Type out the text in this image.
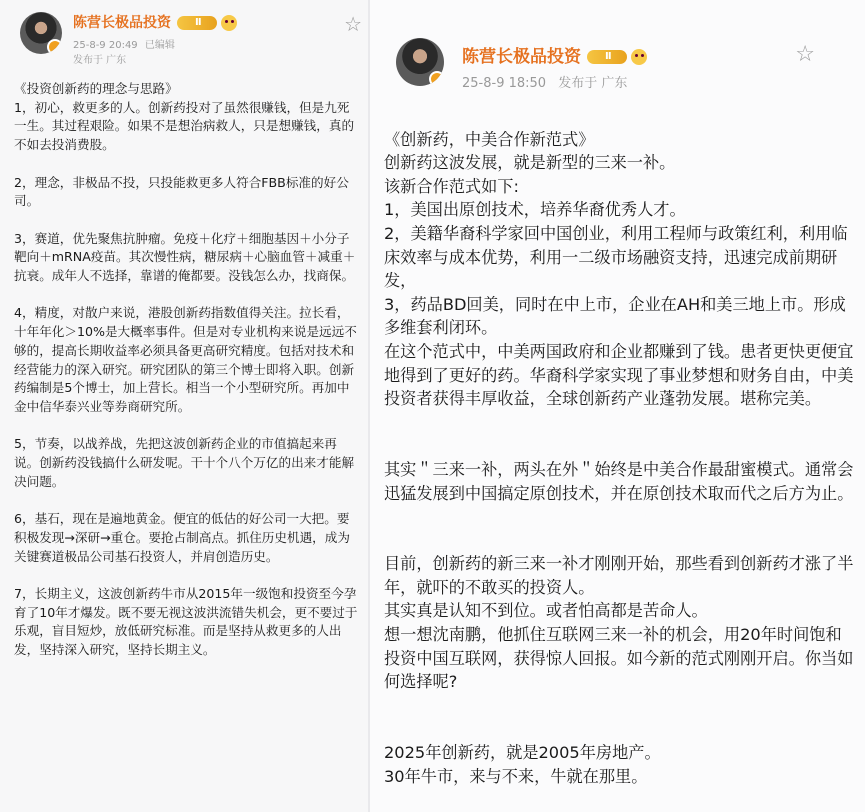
陈营长极品投资Ⅱ
25-8-9 20:49 已编辑
发布于 广东
☆

《投资创新药的理念与思路》

1，初心，救更多的人。创新药投对了虽然很赚钱，但是九死一生。其过程艰险。如果不是想治病救人，只是想赚钱，真的不如去投消费股。

2，理念，非极品不投，只投能救更多人符合FBB标准的好公司。

3，赛道，优先聚焦抗肿瘤。免疫＋化疗＋细胞基因＋小分子靶向＋mRNA疫苗。其次慢性病，糖尿病＋心脑血管＋减重＋抗衰。成年人不选择，靠谱的俺都要。没钱怎么办，找商保。

4，精度，对散户来说，港股创新药指数值得关注。拉长看，十年年化＞10%是大概率事件。但是对专业机构来说是远远不够的，提高长期收益率必须具备更高研究精度。包括对技术和经营能力的深入研究。研究团队的第三个博士即将入职。创新药编制是5个博士，加上营长。相当一个小型研究所。再加中金中信华泰兴业等券商研究所。

5，节奏，以战养战，先把这波创新药企业的市值搞起来再说。创新药没钱搞什么研发呢。干十个八个万亿的出来才能解决问题。

6，基石，现在是遍地黄金。便宜的低估的好公司一大把。要积极发现→深研→重仓。要抢占制高点。抓住历史机遇，成为关键赛道极品公司基石投资人，并肩创造历史。

7，长期主义，这波创新药牛市从2015年一级饱和投资至今孕育了10年才爆发。既不要无视这波洪流错失机会，更不要过于乐观，盲目短炒，放低研究标准。而是坚持从救更多的人出发，坚持深入研究，坚持长期主义。

陈营长极品投资Ⅱ
25-8-9 18:50 发布于 广东
☆

《创新药，中美合作新范式》
创新药这波发展，就是新型的三来一补。
该新合作范式如下:
1，美国出原创技术，培养华裔优秀人才。
2，美籍华裔科学家回中国创业，利用工程师与政策红利，利用临床效率与成本优势，利用一二级市场融资支持，迅速完成前期研发，
3，药品BD回美，同时在中上市，企业在AH和美三地上市。形成多维套利闭环。
在这个范式中，中美两国政府和企业都赚到了钱。患者更快更便宜地得到了更好的药。华裔科学家实现了事业梦想和财务自由，中美投资者获得丰厚收益，全球创新药产业蓬勃发展。堪称完美。

其实＂三来一补，两头在外＂始终是中美合作最甜蜜模式。通常会迅猛发展到中国搞定原创技术，并在原创技术取而代之后方为止。

目前，创新药的新三来一补才刚刚开始，那些看到创新药才涨了半年，就吓的不敢买的投资人。
其实真是认知不到位。或者怕高都是苦命人。
想一想沈南鹏，他抓住互联网三来一补的机会，用20年时间饱和投资中国互联网，获得惊人回报。如今新的范式刚刚开启。你当如何选择呢?

2025年创新药，就是2005年房地产。
30年牛市，来与不来，牛就在那里。
